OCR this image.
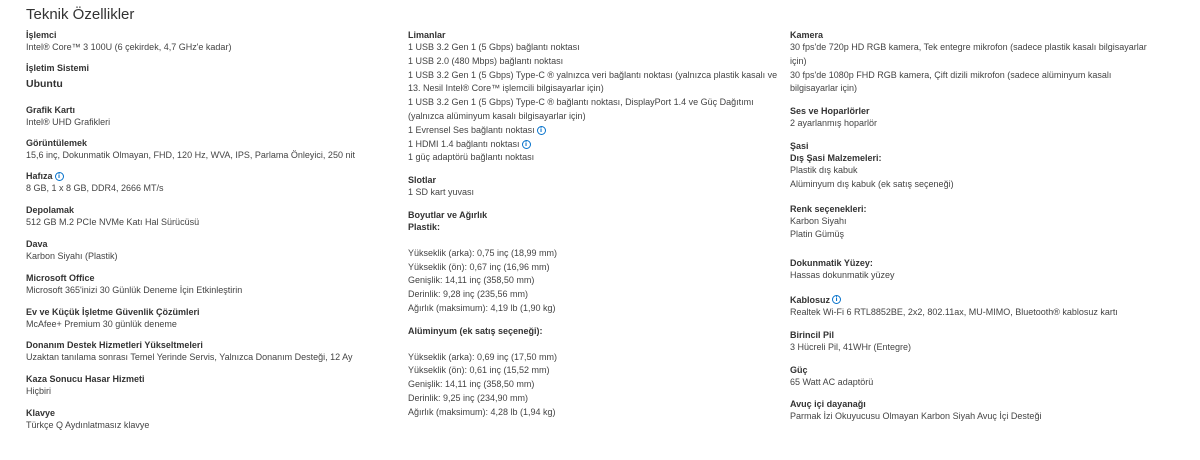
Teknik Özellikler
İşlemci
Intel® Core™ 3 100U (6 çekirdek, 4,7 GHz'e kadar)
İşletim Sistemi
Ubuntu
Grafik Kartı
Intel® UHD Grafikleri
Görüntülemek
15,6 inç, Dokunmatik Olmayan, FHD, 120 Hz, WVA, IPS, Parlama Önleyici, 250 nit
Hafıza i
8 GB, 1 x 8 GB, DDR4, 2666 MT/s
Depolamak
512 GB M.2 PCIe NVMe Katı Hal Sürücüsü
Dava
Karbon Siyahı (Plastik)
Microsoft Office
Microsoft 365'inizi 30 Günlük Deneme İçin Etkinleştirin
Ev ve Küçük İşletme Güvenlik Çözümleri
McAfee+ Premium 30 günlük deneme
Donanım Destek Hizmetleri Yükseltmeleri
Uzaktan tanılama sonrası Temel Yerinde Servis, Yalnızca Donanım Desteği, 12 Ay
Kaza Sonucu Hasar Hizmeti
Hiçbiri
Klavye
Türkçe Q Aydınlatmasız klavye
Limanlar
1 USB 3.2 Gen 1 (5 Gbps) bağlantı noktası
1 USB 2.0 (480 Mbps) bağlantı noktası
1 USB 3.2 Gen 1 (5 Gbps) Type-C ® yalnızca veri bağlantı noktası (yalnızca plastik kasalı ve
13. Nesil Intel® Core™ işlemcili bilgisayarlar için)
1 USB 3.2 Gen 1 (5 Gbps) Type-C ® bağlantı noktası, DisplayPort 1.4 ve Güç Dağıtımı
(yalnızca alüminyum kasalı bilgisayarlar için)
1 Evrensel Ses bağlantı noktası i
1 HDMI 1.4 bağlantı noktası i
1 güç adaptörü bağlantı noktası
Slotlar
1 SD kart yuvası
Boyutlar ve Ağırlık
Plastik:
Yükseklik (arka): 0,75 inç (18,99 mm)
Yükseklik (ön): 0,67 inç (16,96 mm)
Genişlik: 14,11 inç (358,50 mm)
Derinlik: 9,28 inç (235,56 mm)
Ağırlık (maksimum): 4,19 lb (1,90 kg)
Alüminyum (ek satış seçeneği):
Yükseklik (arka): 0,69 inç (17,50 mm)
Yükseklik (ön): 0,61 inç (15,52 mm)
Genişlik: 14,11 inç (358,50 mm)
Derinlik: 9,25 inç (234,90 mm)
Ağırlık (maksimum): 4,28 lb (1,94 kg)
Kamera
30 fps'de 720p HD RGB kamera, Tek entegre mikrofon (sadece plastik kasalı bilgisayarlar
için)
30 fps'de 1080p FHD RGB kamera, Çift dizili mikrofon (sadece alüminyum kasalı
bilgisayarlar için)
Ses ve Hoparlörler
2 ayarlanmış hoparlör
Şasi
Dış Şasi Malzemeleri:
Plastik dış kabuk
Alüminyum dış kabuk (ek satış seçeneği)
Renk seçenekleri:
Karbon Siyahı
Platin Gümüş
Dokunmatik Yüzey:
Hassas dokunmatik yüzey
Kablosuz i
Realtek Wi-Fi 6 RTL8852BE, 2x2, 802.11ax, MU-MIMO, Bluetooth® kablosuz kartı
Birincil Pil
3 Hücreli Pil, 41WHr (Entegre)
Güç
65 Watt AC adaptörü
Avuç içi dayanağı
Parmak İzi Okuyucusu Olmayan Karbon Siyah Avuç İçi Desteği
